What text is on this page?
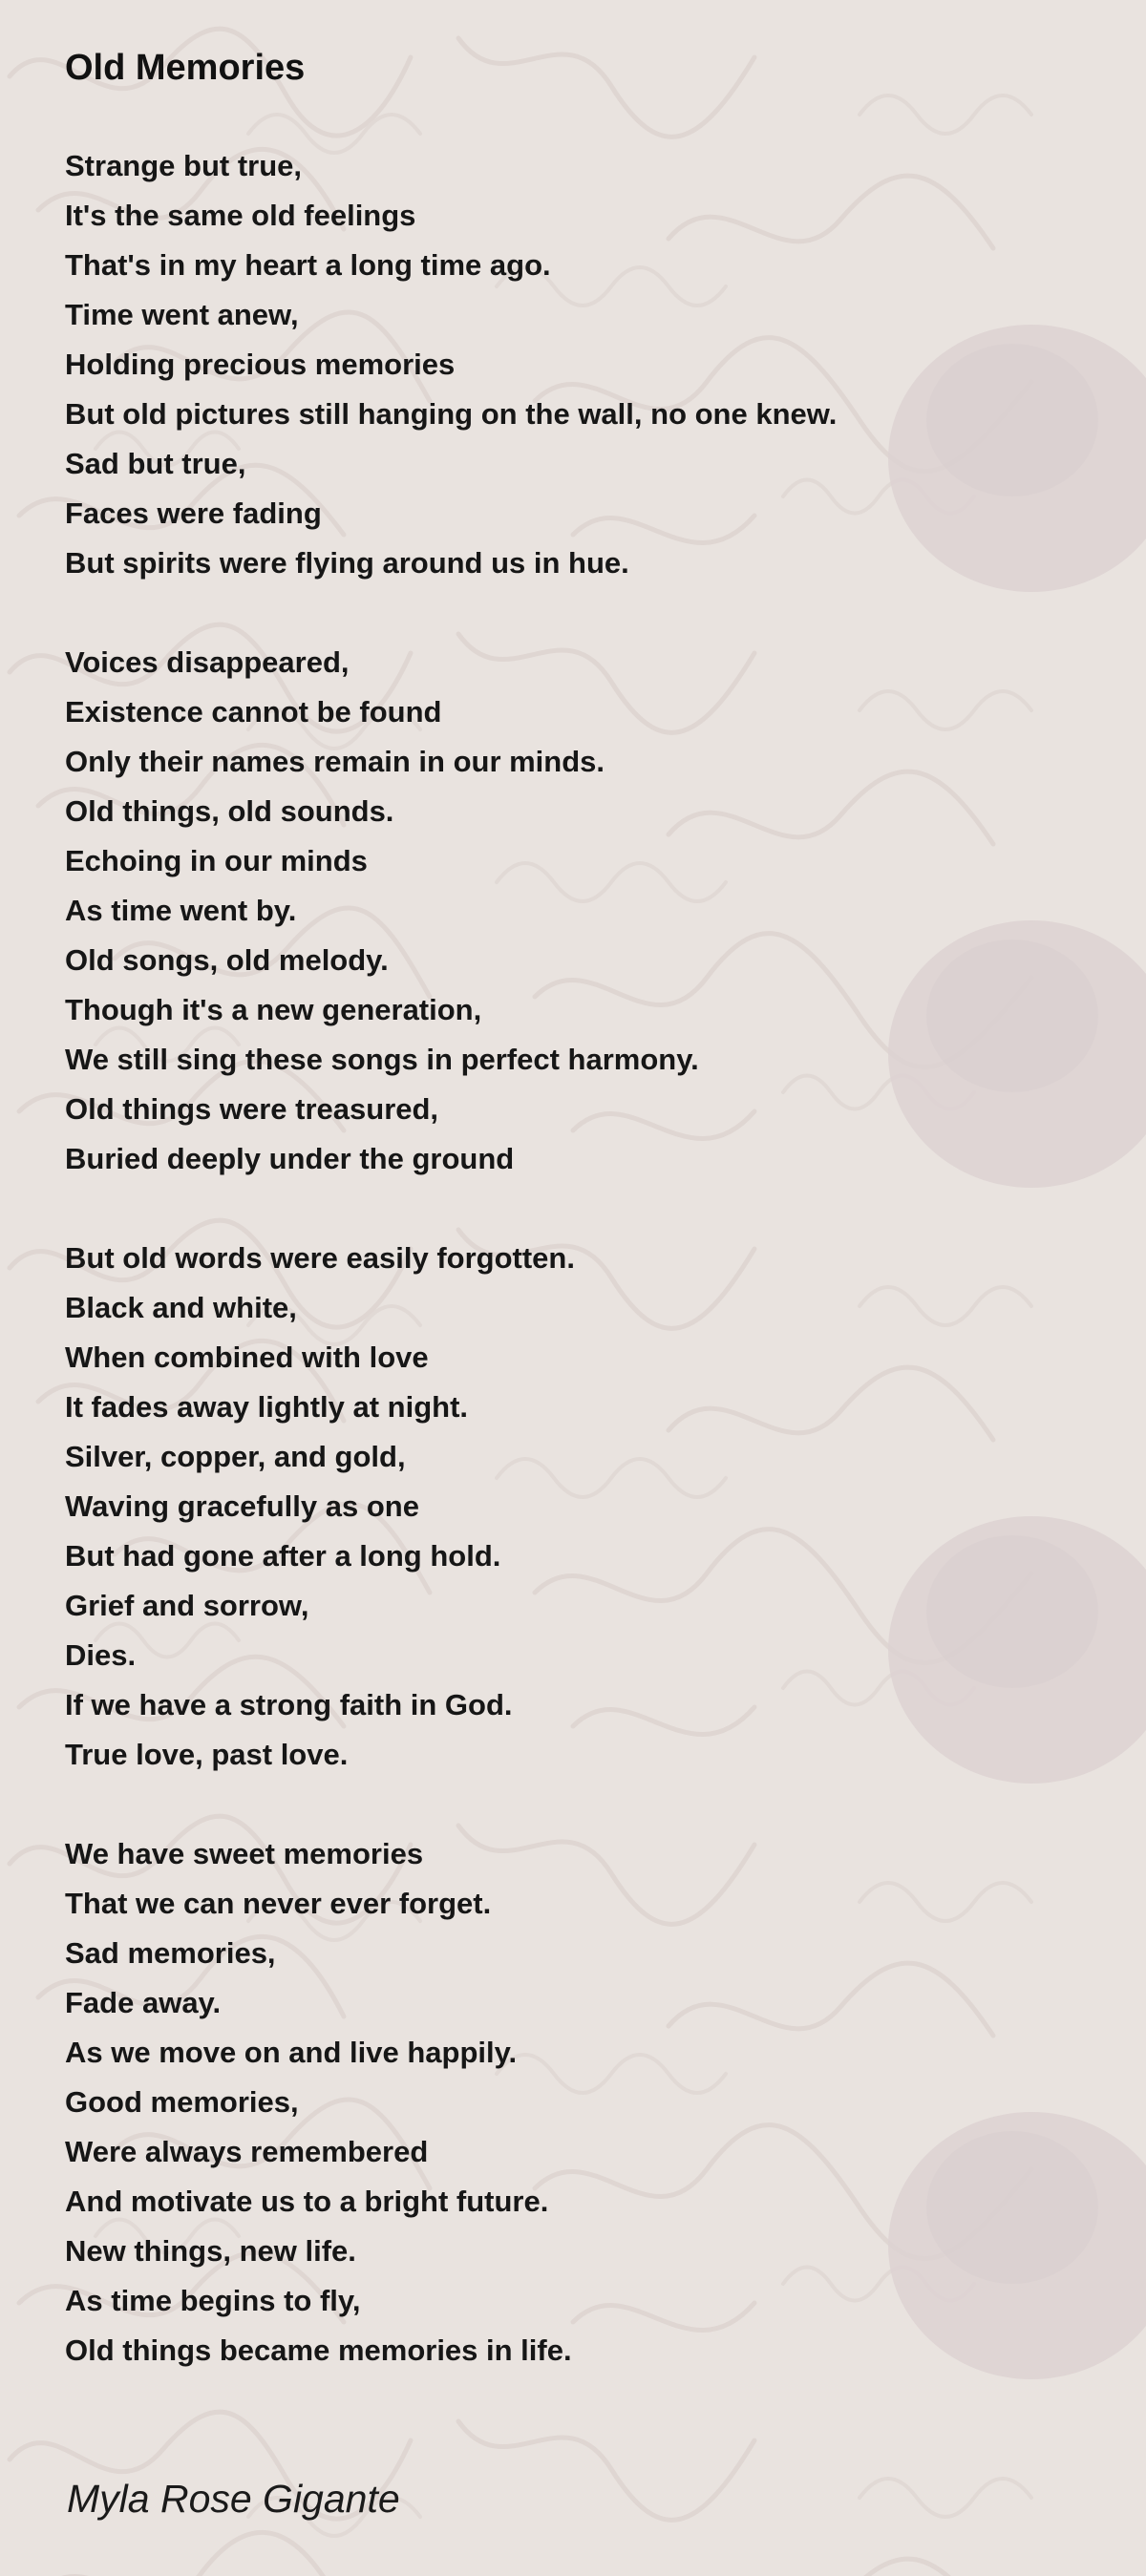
Old Memories
Strange but true,
It's the same old feelings
That's in my heart a long time ago.
Time went anew,
Holding precious memories
But old pictures still hanging on the wall, no one knew.
Sad but true,
Faces were fading
But spirits were flying around us in hue.
Voices disappeared,
Existence cannot be found
Only their names remain in our minds.
Old things, old sounds.
Echoing in our minds
As time went by.
Old songs, old melody.
Though it's a new generation,
We still sing these songs in perfect harmony.
Old things were treasured,
Buried deeply under the ground
But old words were easily forgotten.
Black and white,
When combined with love
It fades away lightly at night.
Silver, copper, and gold,
Waving gracefully as one
But had gone after a long hold.
Grief and sorrow,
Dies.
If we have a strong faith in God.
True love, past love.
We have sweet memories
That we can never ever forget.
Sad memories,
Fade away.
As we move on and live happily.
Good memories,
Were always remembered
And motivate us to a bright future.
New things, new life.
As time begins to fly,
Old things became memories in life.
Myla Rose Gigante
